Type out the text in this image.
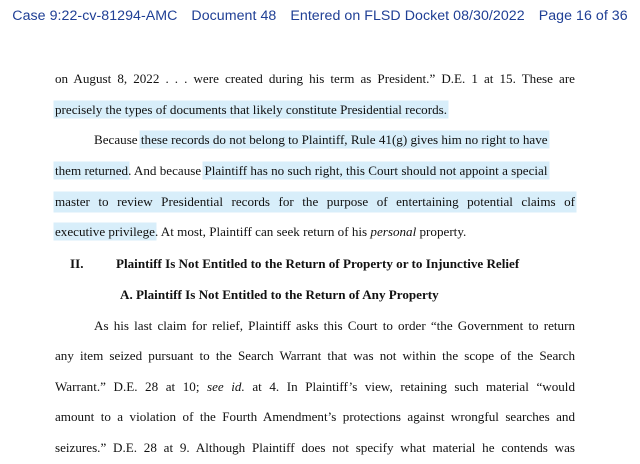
Case 9:22-cv-81294-AMC Document 48 Entered on FLSD Docket 08/30/2022 Page 16 of 36
on August 8, 2022 . . . were created during his term as President.” D.E. 1 at 15. These are
precisely the types of documents that likely constitute Presidential records.
Because these records do not belong to Plaintiff, Rule 41(g) gives him no right to have
them returned. And because Plaintiff has no such right, this Court should not appoint a special
master to review Presidential records for the purpose of entertaining potential claims of
executive privilege. At most, Plaintiff can seek return of his personal property.
II.	Plaintiff Is Not Entitled to the Return of Property or to Injunctive Relief
A. Plaintiff Is Not Entitled to the Return of Any Property
As his last claim for relief, Plaintiff asks this Court to order “the Government to return
any item seized pursuant to the Search Warrant that was not within the scope of the Search
Warrant.” D.E. 28 at 10; see id. at 4. In Plaintiff’s view, retaining such material “would
amount to a violation of the Fourth Amendment’s protections against wrongful searches and
seizures.” D.E. 28 at 9. Although Plaintiff does not specify what material he contends was
